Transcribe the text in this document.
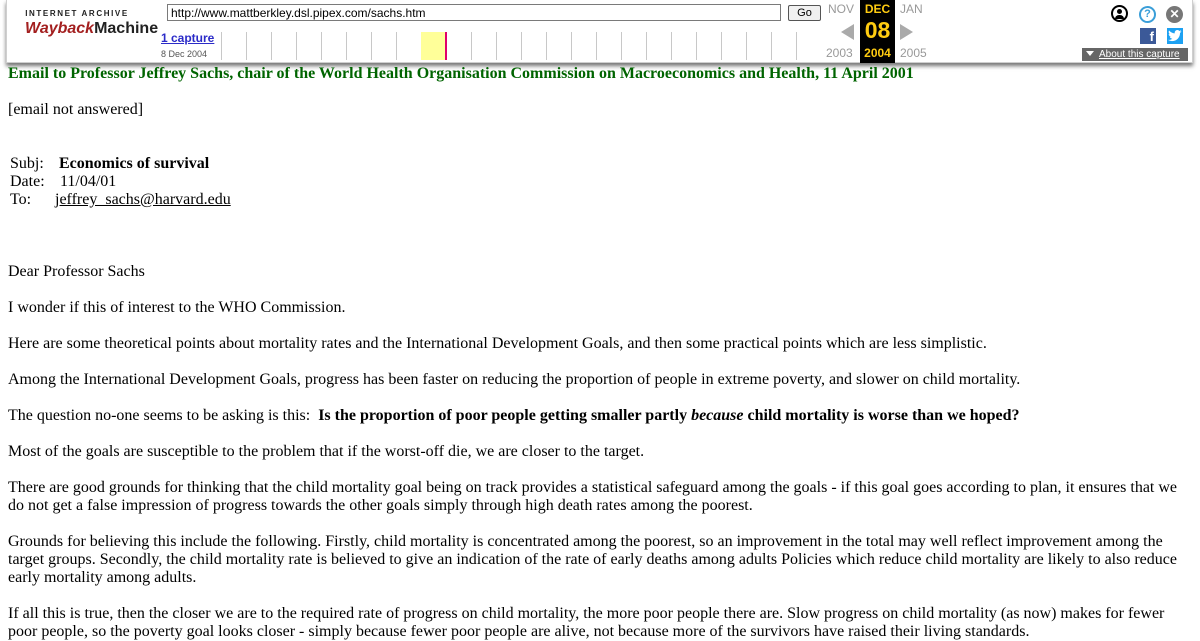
INTERNET ARCHIVE
WaybackMachine
http://www.mattberkley.dsl.pipex.com/sachs.htm
Go
1 capture
8 Dec 2004
NOV
2003
DEC
08
2004
JAN
2005
?	✕
f
About this capture
Email to Professor Jeffrey Sachs, chair of the World Health Organisation Commission on Macroeconomics and Health, 11 April 2001

[email not answered]

Subj: Economics of survival
Date: 11/04/01
To: jeffrey_sachs@harvard.edu

Dear Professor Sachs

I wonder if this of interest to the WHO Commission.

Here are some theoretical points about mortality rates and the International Development Goals, and then some practical points which are less simplistic.

Among the International Development Goals, progress has been faster on reducing the proportion of people in extreme poverty, and slower on child mortality.

The question no-one seems to be asking is this:  Is the proportion of poor people getting smaller partly because child mortality is worse than we hoped?

Most of the goals are susceptible to the problem that if the worst-off die, we are closer to the target.

There are good grounds for thinking that the child mortality goal being on track provides a statistical safeguard among the goals - if this goal goes according to plan, it ensures that we do not get a false impression of progress towards the other goals simply through high death rates among the poorest.

Grounds for believing this include the following. Firstly, child mortality is concentrated among the poorest, so an improvement in the total may well reflect improvement among the target groups. Secondly, the child mortality rate is believed to give an indication of the rate of early deaths among adults Policies which reduce child mortality are likely to also reduce early mortality among adults.

If all this is true, then the closer we are to the required rate of progress on child mortality, the more poor people there are. Slow progress on child mortality (as now) makes for fewer poor people, so the poverty goal looks closer - simply because fewer poor people are alive, not because more of the survivors have raised their living standards.
